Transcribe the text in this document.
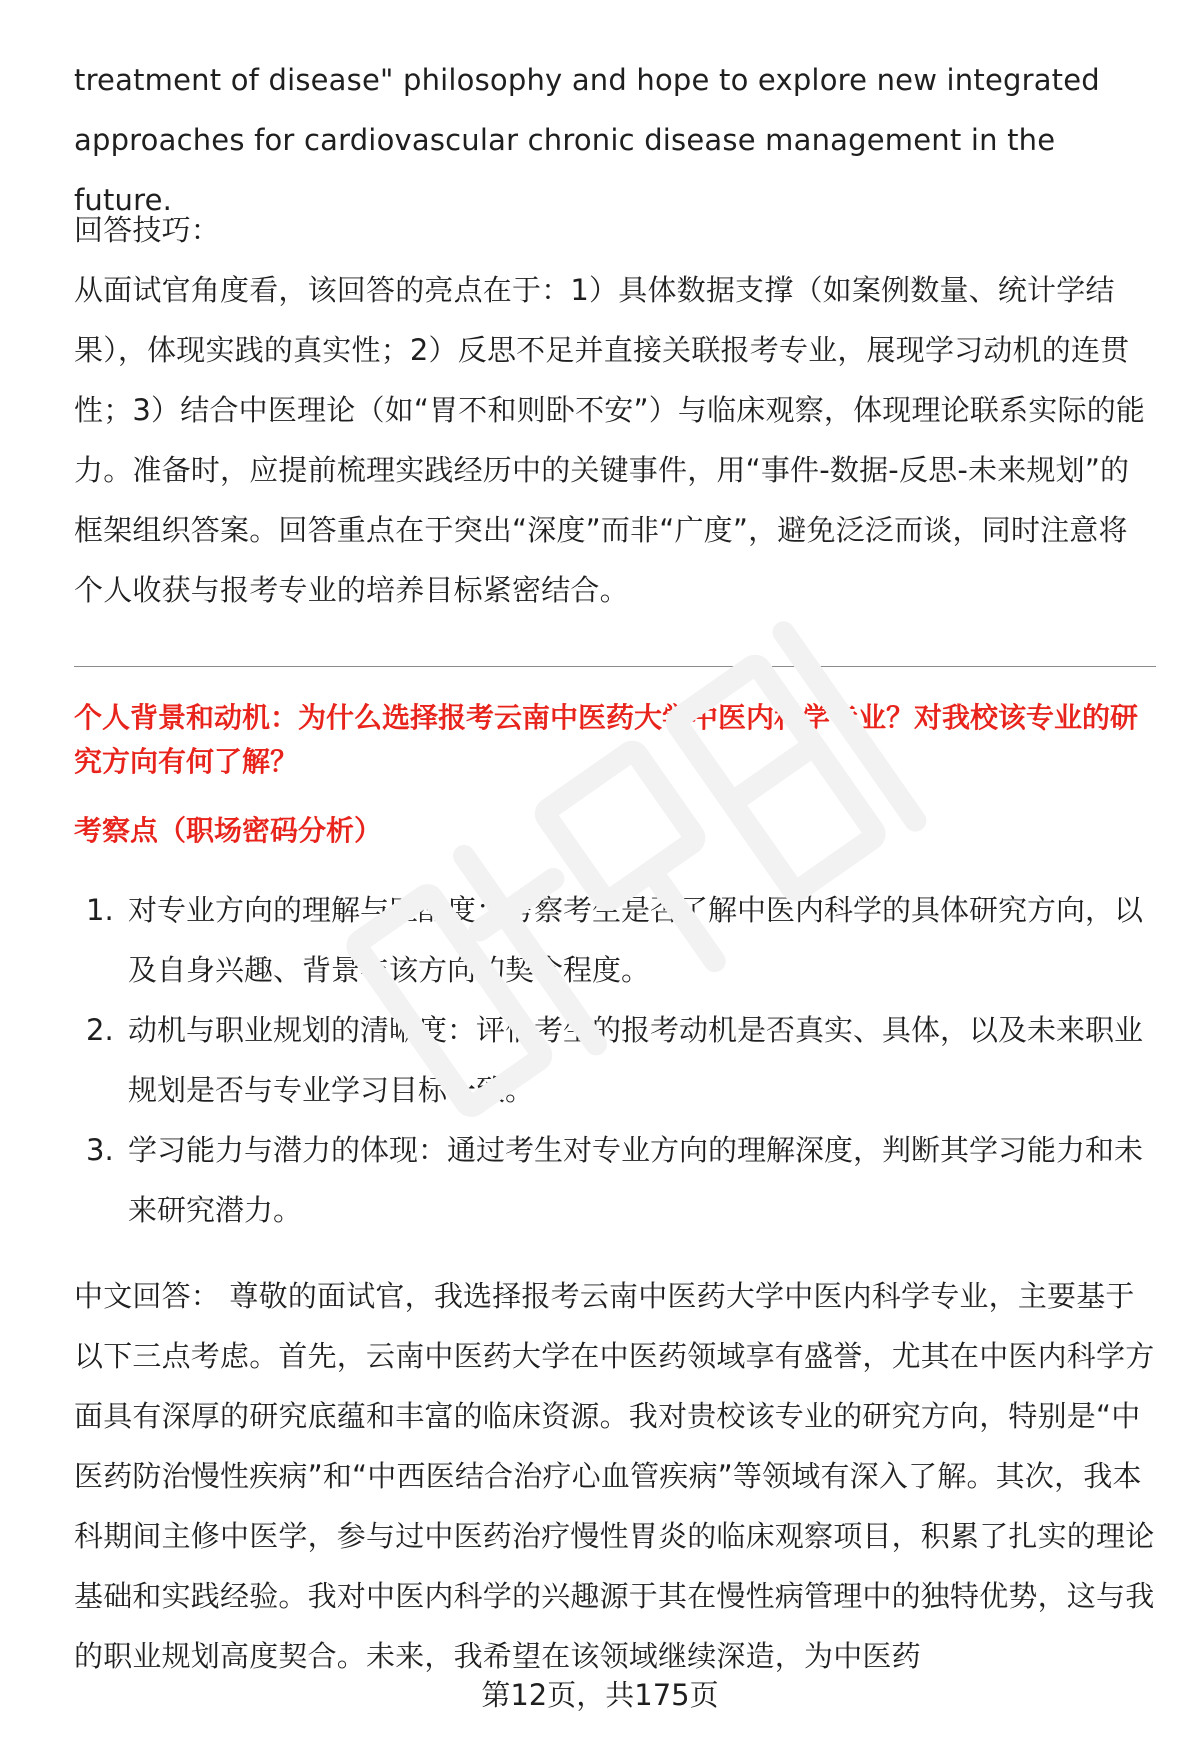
treatment of disease" philosophy and hope to explore new integrated approaches for cardiovascular chronic disease management in the future.

回答技巧：

从面试官角度看，该回答的亮点在于：1）具体数据支撑（如案例数量、统计学结果），体现实践的真实性；2）反思不足并直接关联报考专业，展现学习动机的连贯性；3）结合中医理论（如“胃不和则卧不安”）与临床观察，体现理论联系实际的能力。准备时，应提前梳理实践经历中的关键事件，用“事件-数据-反思-未来规划”的框架组织答案。回答重点在于突出“深度”而非“广度”，避免泛泛而谈，同时注意将个人收获与报考专业的培养目标紧密结合。

个人背景和动机：为什么选择报考云南中医药大学中医内科学专业？对我校该专业的研究方向有何了解？

考察点（职场密码分析）

1. 对专业方向的理解与匹配度：考察考生是否了解中医内科学的具体研究方向，以及自身兴趣、背景与该方向的契合程度。
2. 动机与职业规划的清晰度：评估考生的报考动机是否真实、具体，以及未来职业规划是否与专业学习目标一致。
3. 学习能力与潜力的体现：通过考生对专业方向的理解深度，判断其学习能力和未来研究潜力。

中文回答： 尊敬的面试官，我选择报考云南中医药大学中医内科学专业，主要基于以下三点考虑。首先，云南中医药大学在中医药领域享有盛誉，尤其在中医内科学方面具有深厚的研究底蕴和丰富的临床资源。我对贵校该专业的研究方向，特别是“中医药防治慢性疾病”和“中西医结合治疗心血管疾病”等领域有深入了解。其次，我本科期间主修中医学，参与过中医药治疗慢性胃炎的临床观察项目，积累了扎实的理论基础和实践经验。我对中医内科学的兴趣源于其在慢性病管理中的独特优势，这与我的职业规划高度契合。未来，我希望在该领域继续深造，为中医药

第12页，共175页
